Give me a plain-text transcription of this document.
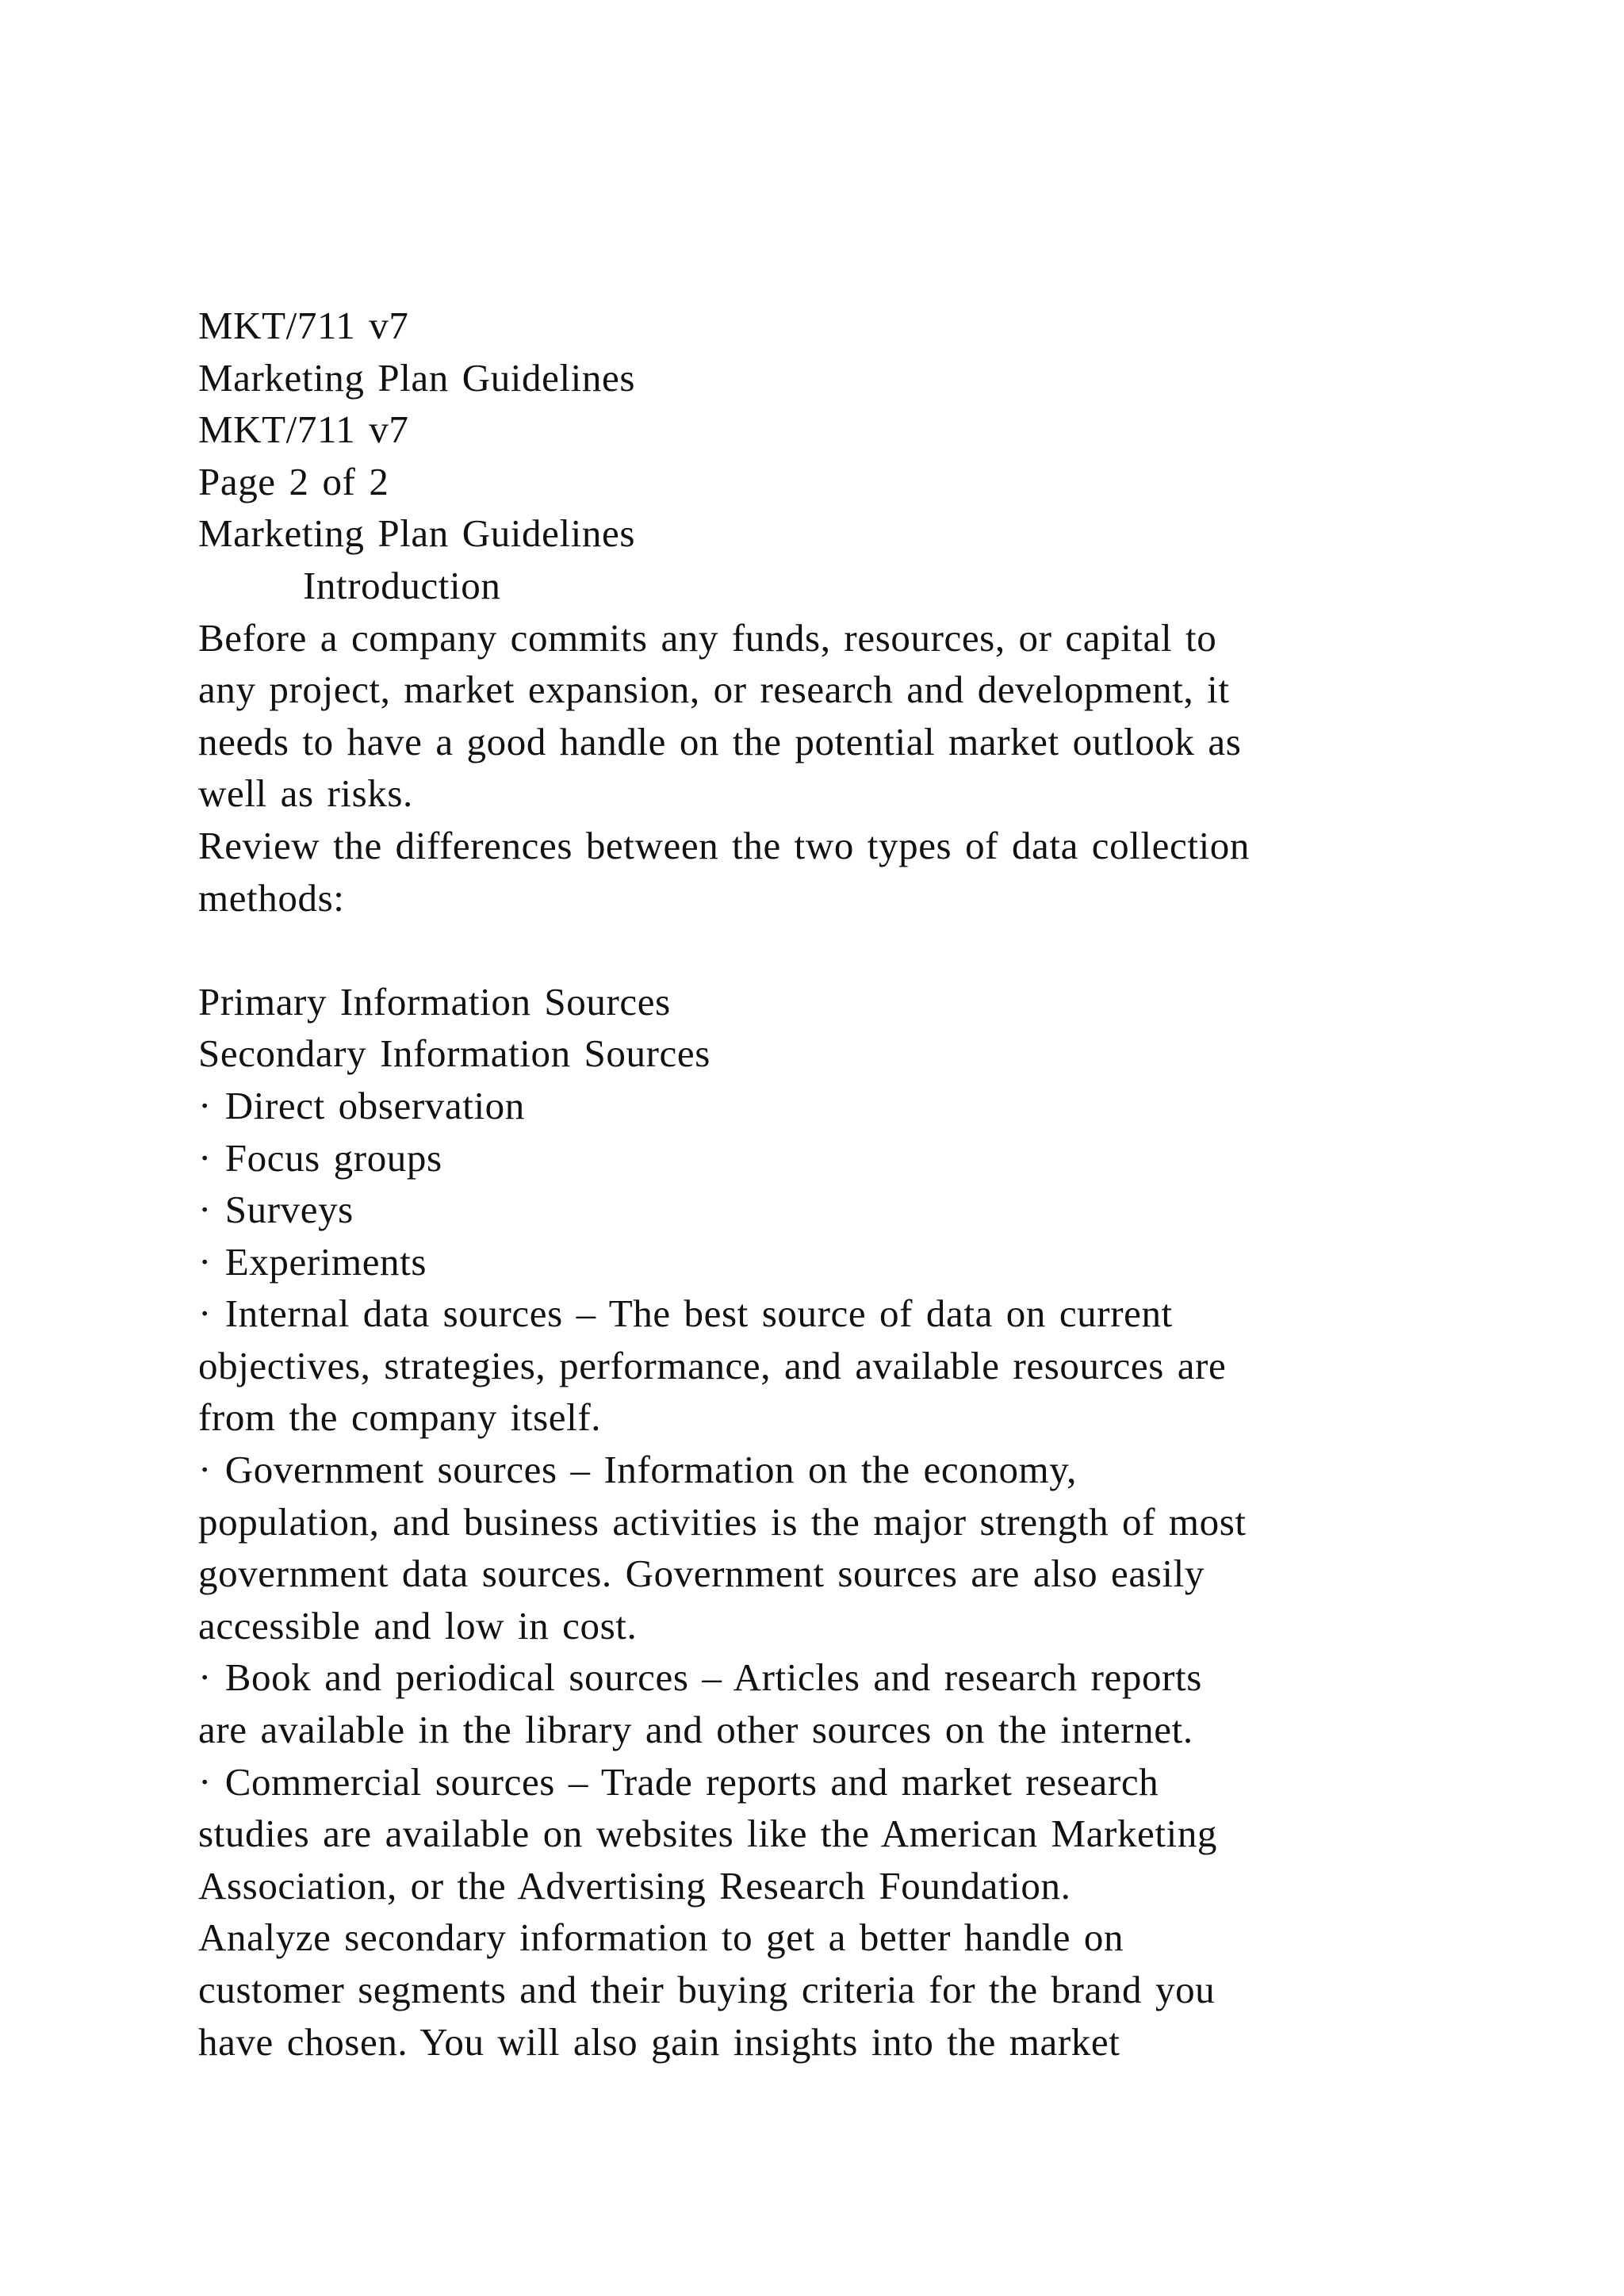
MKT/711 v7
Marketing Plan Guidelines
MKT/711 v7
Page 2 of 2
Marketing Plan Guidelines
Introduction
Before a company commits any funds, resources, or capital to
any project, market expansion, or research and development, it
needs to have a good handle on the potential market outlook as
well as risks.
Review the differences between the two types of data collection
methods:
Primary Information Sources
Secondary Information Sources
· Direct observation
· Focus groups
· Surveys
· Experiments
· Internal data sources – The best source of data on current
objectives, strategies, performance, and available resources are
from the company itself.
· Government sources – Information on the economy,
population, and business activities is the major strength of most
government data sources. Government sources are also easily
accessible and low in cost.
· Book and periodical sources – Articles and research reports
are available in the library and other sources on the internet.
· Commercial sources – Trade reports and market research
studies are available on websites like the American Marketing
Association, or the Advertising Research Foundation.
Analyze secondary information to get a better handle on
customer segments and their buying criteria for the brand you
have chosen. You will also gain insights into the market
